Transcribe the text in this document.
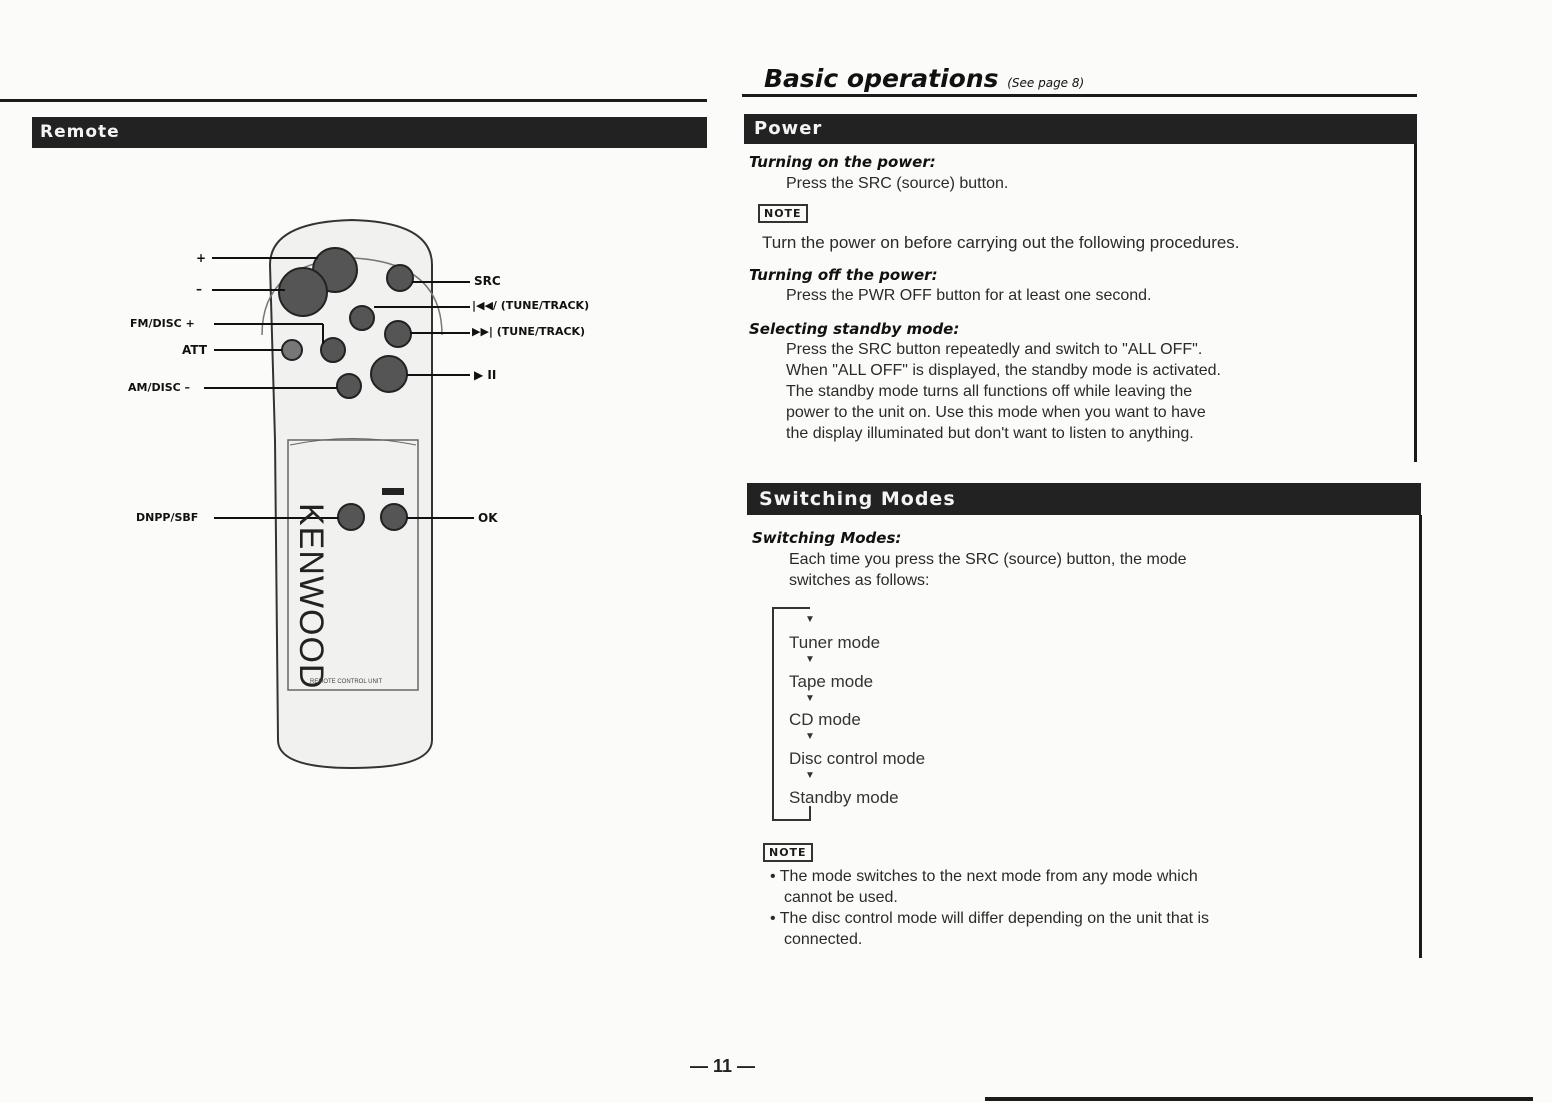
Remote
KENWOOD
REMOTE CONTROL UNIT
+
–
FM/DISC +
ATT
AM/DISC –
DNPP/SBF
SRC
|◀◀/ (TUNE/TRACK)
▶▶| (TUNE/TRACK)
▶ II
OK
Basic operations (See page 8)
Power
Turning on the power:
Press the SRC (source) button.
NOTE
Turn the power on before carrying out the following procedures.
Turning off the power:
Press the PWR OFF button for at least one second.
Selecting standby mode:
Press the SRC button repeatedly and switch to "ALL OFF".
When "ALL OFF" is displayed, the standby mode is activated.
The standby mode turns all functions off while leaving the
power to the unit on. Use this mode when you want to have
the display illuminated but don't want to listen to anything.
Switching Modes
Switching Modes:
Each time you press the SRC (source) button, the mode
switches as follows:
▼
Tuner mode
▼
Tape mode
▼
CD mode
▼
Disc control mode
▼
Standby mode
NOTE
• The mode switches to the next mode from any mode which
cannot be used.
• The disc control mode will differ depending on the unit that is
connected.
— 11 —
